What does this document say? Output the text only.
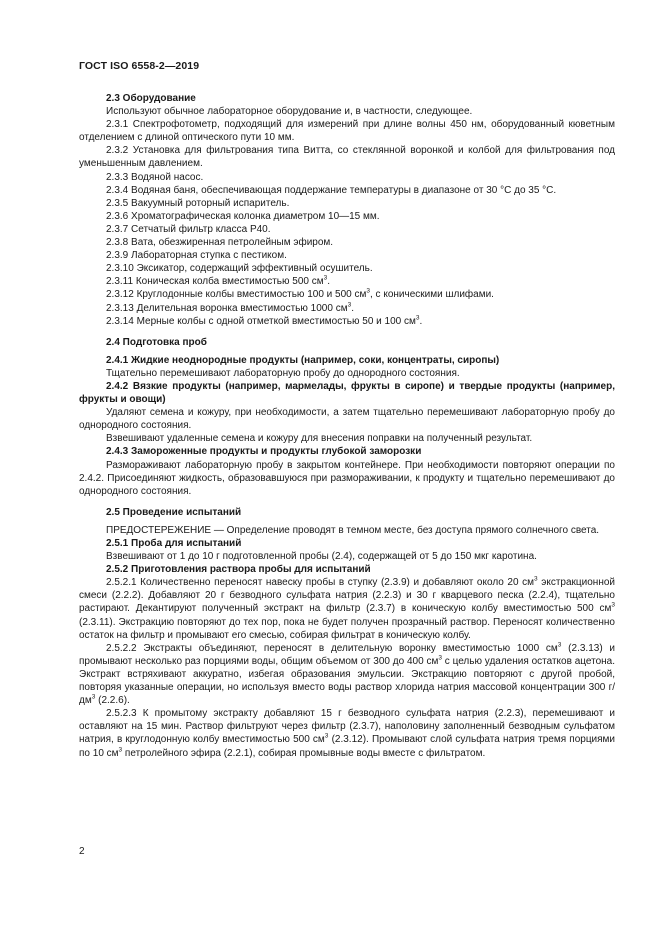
ГОСТ ISO 6558-2—2019

2.3 Оборудование

Используют обычное лабораторное оборудование и, в частности, следующее.

2.3.1 Спектрофотометр, подходящий для измерений при длине волны 450 нм, оборудованный кюветным отделением с длиной оптического пути 10 мм.

2.3.2 Установка для фильтрования типа Витта, со стеклянной воронкой и колбой для фильтрования под уменьшенным давлением.

2.3.3 Водяной насос.

2.3.4 Водяная баня, обеспечивающая поддержание температуры в диапазоне от 30 °С до 35 °С.

2.3.5 Вакуумный роторный испаритель.

2.3.6 Хроматографическая колонка диаметром 10—15 мм.

2.3.7 Сетчатый фильтр класса Р40.

2.3.8 Вата, обезжиренная петролейным эфиром.

2.3.9 Лабораторная ступка с пестиком.

2.3.10 Эксикатор, содержащий эффективный осушитель.

2.3.11 Коническая колба вместимостью 500 $см^3$.

2.3.12 Круглодонные колбы вместимостью 100 и 500 $см^3$, с коническими шлифами.

2.3.13 Делительная воронка вместимостью 1000 $см^3$.

2.3.14 Мерные колбы с одной отметкой вместимостью 50 и 100 $см^3$.

2.4 Подготовка проб

2.4.1 Жидкие неоднородные продукты (например, соки, концентраты, сиропы)

Тщательно перемешивают лабораторную пробу до однородного состояния.

2.4.2 Вязкие продукты (например, мармелады, фрукты в сиропе) и твердые продукты (например, фрукты и овощи)

Удаляют семена и кожуру, при необходимости, а затем тщательно перемешивают лабораторную пробу до однородного состояния.

Взвешивают удаленные семена и кожуру для внесения поправки на полученный результат.

2.4.3 Замороженные продукты и продукты глубокой заморозки

Размораживают лабораторную пробу в закрытом контейнере. При необходимости повторяют операции по 2.4.2. Присоединяют жидкость, образовавшуюся при размораживании, к продукту и тщательно перемешивают до однородного состояния.

2.5 Проведение испытаний

ПРЕДОСТЕРЕЖЕНИЕ — Определение проводят в темном месте, без доступа прямого солнечного света.

2.5.1 Проба для испытаний

Взвешивают от 1 до 10 г подготовленной пробы (2.4), содержащей от 5 до 150 мкг каротина.

2.5.2 Приготовления раствора пробы для испытаний

2.5.2.1 Количественно переносят навеску пробы в ступку (2.3.9) и добавляют около 20 $см^3$ экстракционной смеси (2.2.2). Добавляют 20 г безводного сульфата натрия (2.2.3) и 30 г кварцевого песка (2.2.4), тщательно растирают. Декантируют полученный экстракт на фильтр (2.3.7) в коническую колбу вместимостью 500 $см^3$ (2.3.11). Экстракцию повторяют до тех пор, пока не будет получен прозрачный раствор. Переносят количественно остаток на фильтр и промывают его смесью, собирая фильтрат в коническую колбу.

2.5.2.2 Экстракты объединяют, переносят в делительную воронку вместимостью 1000 $см^3$ (2.3.13) и промывают несколько раз порциями воды, общим объемом от 300 до 400 $см^3$ с целью удаления остатков ацетона. Экстракт встряхивают аккуратно, избегая образования эмульсии. Экстракцию повторяют с другой пробой, повторяя указанные операции, но используя вместо воды раствор хлорида натрия массовой концентрации 300 $г/дм^3$ (2.2.6).

2.5.2.3 К промытому экстракту добавляют 15 г безводного сульфата натрия (2.2.3), перемешивают и оставляют на 15 мин. Раствор фильтруют через фильтр (2.3.7), наполовину заполненный безводным сульфатом натрия, в круглодонную колбу вместимостью 500 $см^3$ (2.3.12). Промывают слой сульфата натрия тремя порциями по 10 $см^3$ петролейного эфира (2.2.1), собирая промывные воды вместе с фильтратом.

2
